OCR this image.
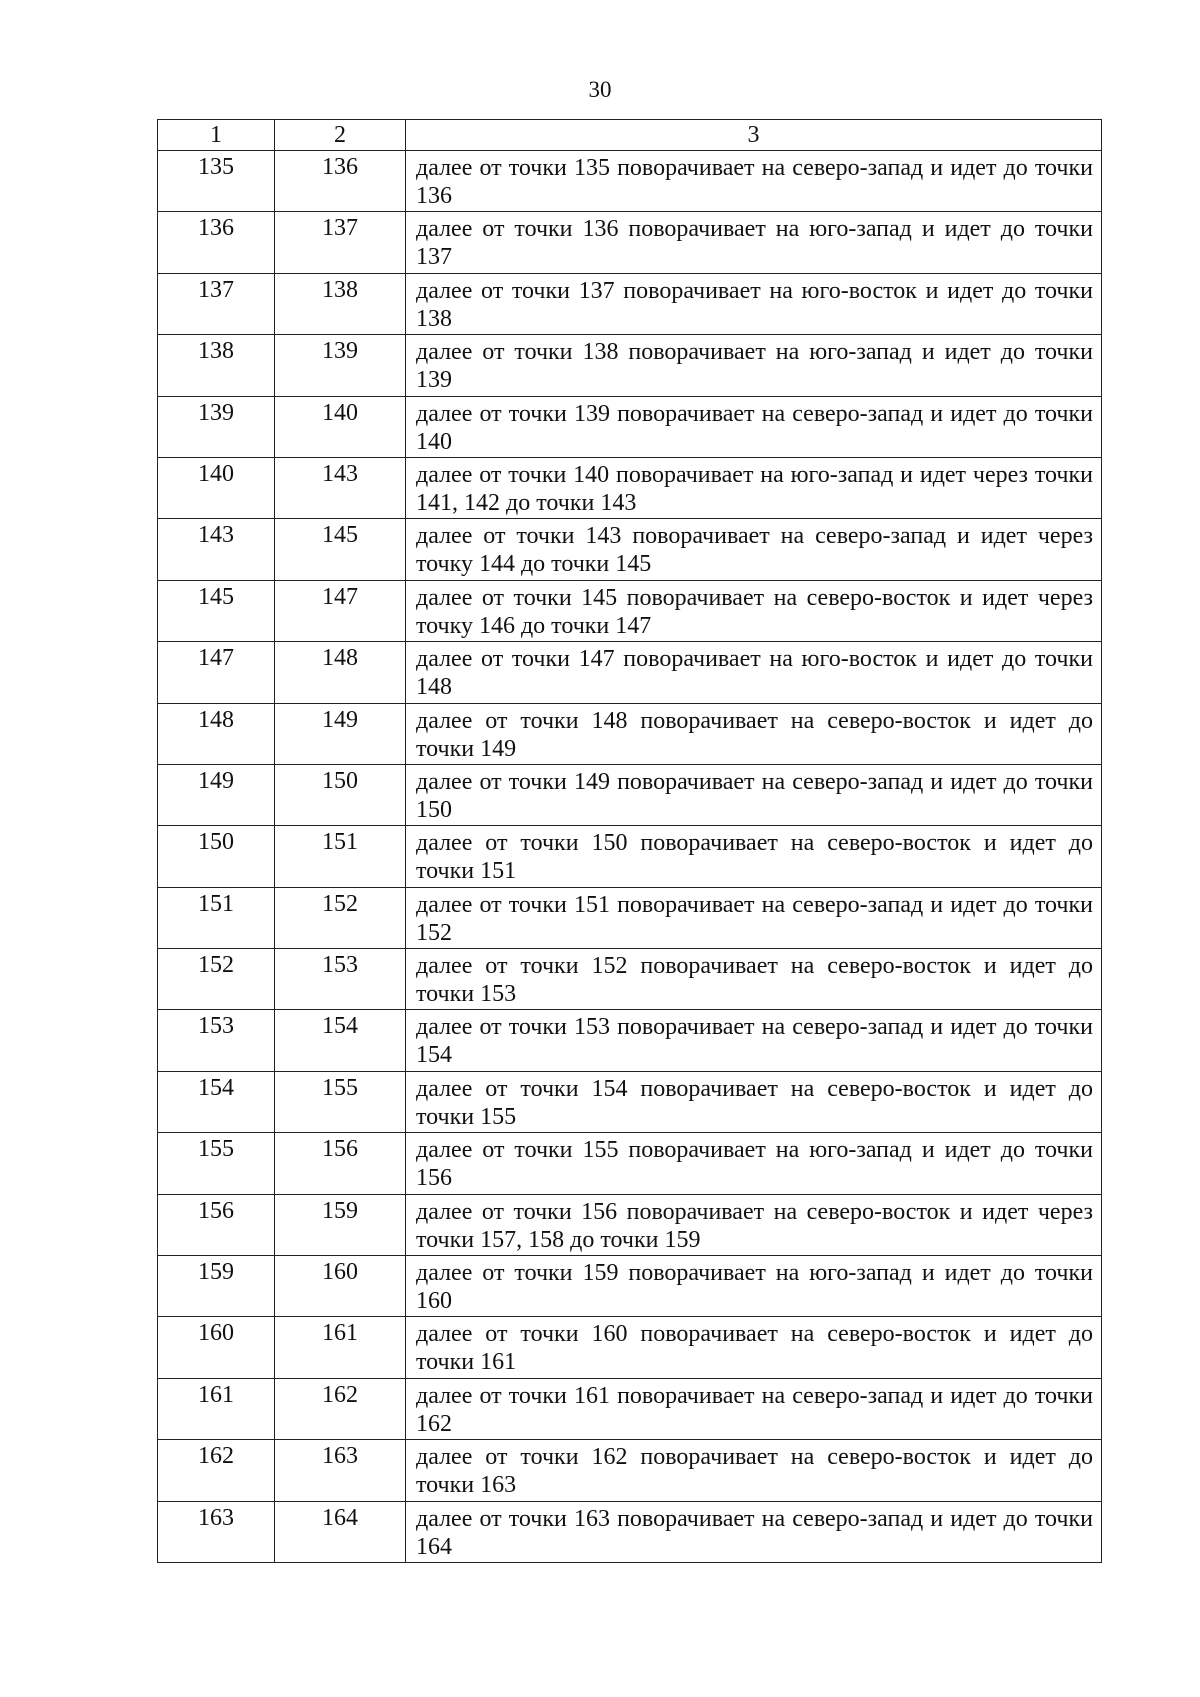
30
1	2	3
135	136	далее от точки 135 поворачивает на северо-запад и идет до точки 136
136	137	далее от точки 136 поворачивает на юго-запад и идет до точки 137
137	138	далее от точки 137 поворачивает на юго-восток и идет до точки 138
138	139	далее от точки 138 поворачивает на юго-запад и идет до точки 139
139	140	далее от точки 139 поворачивает на северо-запад и идет до точки 140
140	143	далее от точки 140 поворачивает на юго-запад и идет через точки 141, 142 до точки 143
143	145	далее от точки 143 поворачивает на северо-запад и идет через точку 144 до точки 145
145	147	далее от точки 145 поворачивает на северо-восток и идет через точку 146 до точки 147
147	148	далее от точки 147 поворачивает на юго-восток и идет до точки 148
148	149	далее от точки 148 поворачивает на северо-восток и идет до точки 149
149	150	далее от точки 149 поворачивает на северо-запад и идет до точки 150
150	151	далее от точки 150 поворачивает на северо-восток и идет до точки 151
151	152	далее от точки 151 поворачивает на северо-запад и идет до точки 152
152	153	далее от точки 152 поворачивает на северо-восток и идет до точки 153
153	154	далее от точки 153 поворачивает на северо-запад и идет до точки 154
154	155	далее от точки 154 поворачивает на северо-восток и идет до точки 155
155	156	далее от точки 155 поворачивает на юго-запад и идет до точки 156
156	159	далее от точки 156 поворачивает на северо-восток и идет через точки 157, 158 до точки 159
159	160	далее от точки 159 поворачивает на юго-запад и идет до точки 160
160	161	далее от точки 160 поворачивает на северо-восток и идет до точки 161
161	162	далее от точки 161 поворачивает на северо-запад и идет до точки 162
162	163	далее от точки 162 поворачивает на северо-восток и идет до точки 163
163	164	далее от точки 163 поворачивает на северо-запад и идет до точки 164
